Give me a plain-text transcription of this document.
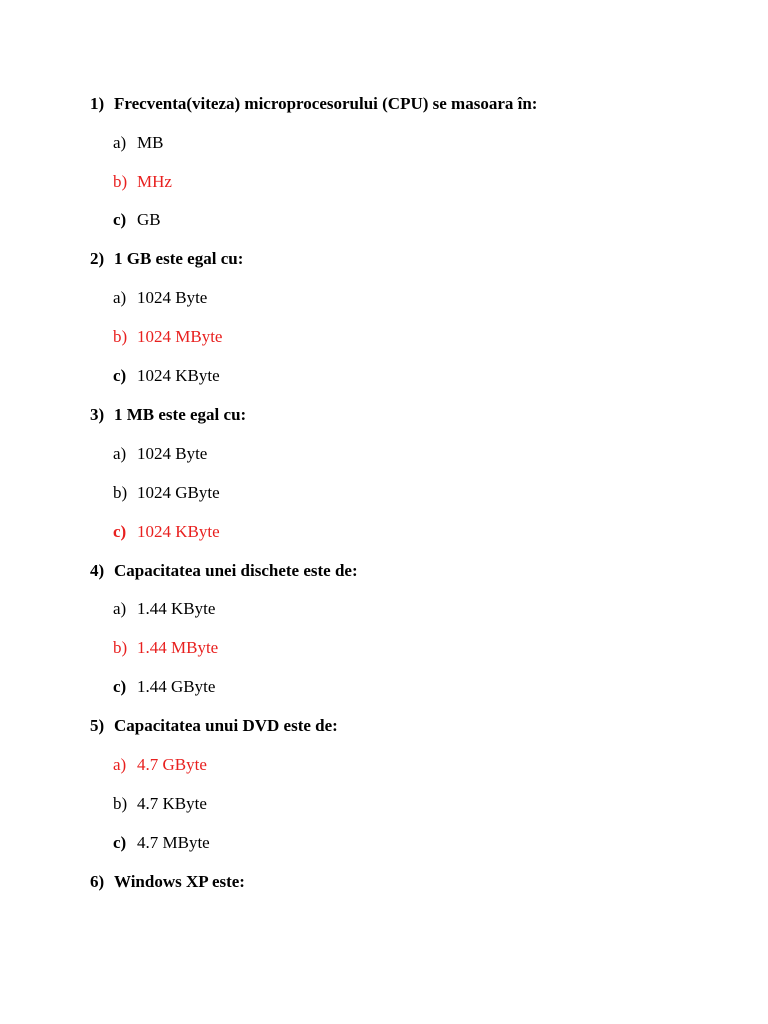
1) Frecventa(viteza) microprocesorului (CPU) se masoara în:
a) MB
b) MHz
c) GB
2) 1 GB este egal cu:
a) 1024 Byte
b) 1024 MByte
c) 1024 KByte
3) 1 MB este egal cu:
a) 1024 Byte
b) 1024 GByte
c) 1024 KByte
4) Capacitatea unei dischete este de:
a) 1.44 KByte
b) 1.44 MByte
c) 1.44 GByte
5) Capacitatea unui DVD este de:
a) 4.7 GByte
b) 4.7 KByte
c) 4.7 MByte
6) Windows XP este:
